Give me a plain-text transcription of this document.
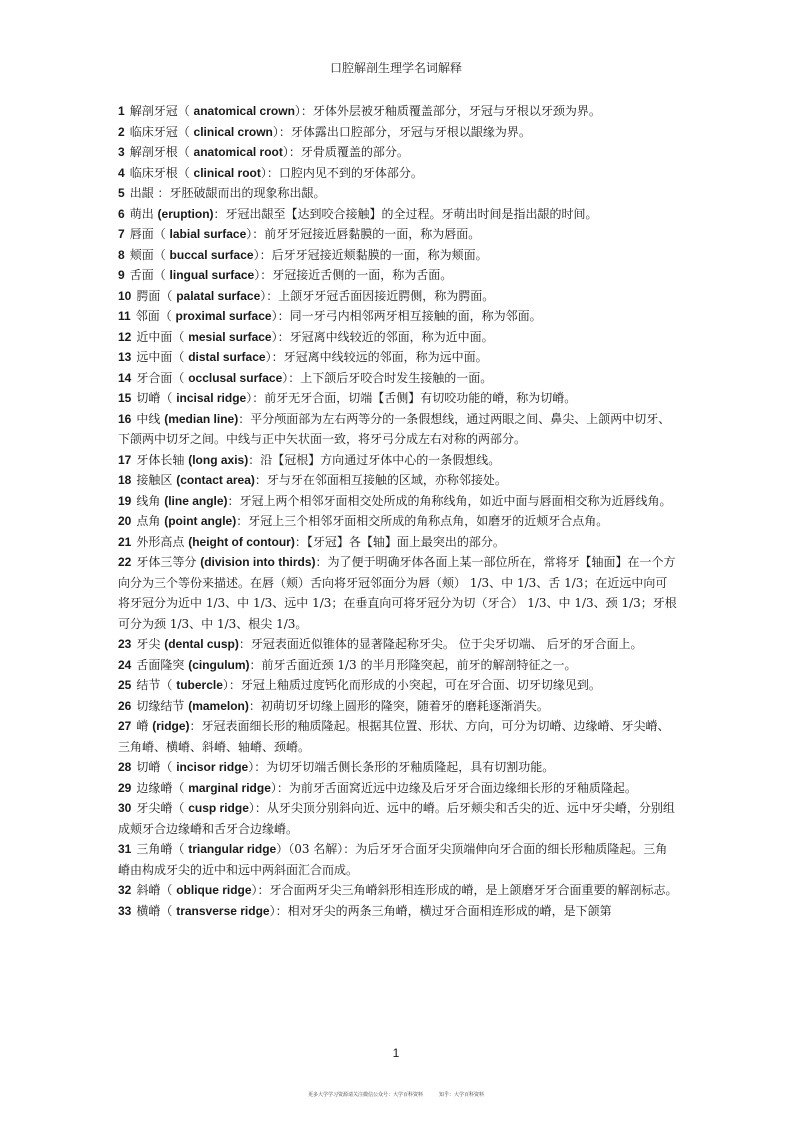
口腔解剖生理学名词解释

1 解剖牙冠（ anatomical crown）：牙体外层被牙釉质覆盖部分，牙冠与牙根以牙颈为界。

2 临床牙冠（ clinical crown）：牙体露出口腔部分，牙冠与牙根以龈缘为界。

3 解剖牙根（ anatomical root）：牙骨质覆盖的部分。

4 临床牙根（ clinical root）：口腔内见不到的牙体部分。

5 出龈 ：牙胚破龈而出的现象称出龈。

6 萌出 (eruption)：牙冠出龈至【达到咬合接触】的全过程。牙萌出时间是指出龈的时间。

7 唇面（ labial surface）：前牙牙冠接近唇黏膜的一面，称为唇面。

8 颊面（ buccal surface）：后牙牙冠接近颊黏膜的一面，称为颊面。

9 舌面（ lingual surface）：牙冠接近舌侧的一面，称为舌面。

10 腭面（ palatal surface）：上颌牙牙冠舌面因接近腭侧，称为腭面。

11 邻面（ proximal surface）：同一牙弓内相邻两牙相互接触的面，称为邻面。

12 近中面（ mesial surface）：牙冠离中线较近的邻面，称为近中面。

13 远中面（ distal surface）：牙冠离中线较远的邻面，称为远中面。

14 牙合面（ occlusal surface）：上下颌后牙咬合时发生接触的一面。

15 切嵴（ incisal ridge）：前牙无牙合面，切端【舌侧】有切咬功能的嵴，称为切嵴。

16 中线 (median line)：平分颅面部为左右两等分的一条假想线，通过两眼之间、鼻尖、上颌两中切牙、下颌两中切牙之间。中线与正中矢状面一致，将牙弓分成左右对称的两部分。

17 牙体长轴 (long axis)：沿【冠根】方向通过牙体中心的一条假想线。

18 接触区 (contact area)：牙与牙在邻面相互接触的区域，亦称邻接处。

19 线角 (line angle)：牙冠上两个相邻牙面相交处所成的角称线角，如近中面与唇面相交称为近唇线角。

20 点角 (point angle)：牙冠上三个相邻牙面相交所成的角称点角，如磨牙的近颊牙合点角。

21 外形高点 (height of contour)：【牙冠】各【轴】面上最突出的部分。

22 牙体三等分 (division into thirds)：为了便于明确牙体各面上某一部位所在，常将牙【轴面】在一个方向分为三个等份来描述。在唇（颊）舌向将牙冠邻面分为唇（颊） 1/3、中 1/3、舌 1/3；在近远中向可将牙冠分为近中 1/3、中 1/3、远中 1/3；在垂直向可将牙冠分为切（牙合） 1/3、中 1/3、颈 1/3；牙根可分为颈 1/3、中 1/3、根尖 1/3。

23 牙尖 (dental cusp)：牙冠表面近似锥体的显著隆起称牙尖。 位于尖牙切端、 后牙的牙合面上。

24 舌面隆突 (cingulum)：前牙舌面近颈 1/3 的半月形隆突起，前牙的解剖特征之一。

25 结节（ tubercle）：牙冠上釉质过度钙化而形成的小突起，可在牙合面、切牙切缘见到。

26 切缘结节 (mamelon)：初萌切牙切缘上圆形的隆突，随着牙的磨耗逐渐消失。

27 嵴 (ridge)：牙冠表面细长形的釉质隆起。根据其位置、形状、方向，可分为切嵴、边缘嵴、牙尖嵴、三角嵴、横嵴、斜嵴、轴嵴、颈嵴。

28 切嵴（ incisor ridge）：为切牙切端舌侧长条形的牙釉质隆起，具有切割功能。

29 边缘嵴（ marginal ridge）：为前牙舌面窝近远中边缘及后牙牙合面边缘细长形的牙釉质隆起。

30 牙尖嵴（ cusp ridge）：从牙尖顶分别斜向近、远中的嵴。后牙颊尖和舌尖的近、远中牙尖嵴，分别组成颊牙合边缘嵴和舌牙合边缘嵴。

31 三角嵴（ triangular ridge）（03 名解）：为后牙牙合面牙尖顶端伸向牙合面的细长形釉质隆起。三角嵴由构成牙尖的近中和远中两斜面汇合而成。

32 斜嵴（ oblique ridge）：牙合面两牙尖三角嵴斜形相连形成的嵴，是上颌磨牙牙合面重要的解剖标志。

33 横嵴（ transverse ridge）：相对牙尖的两条三角嵴，横过牙合面相连形成的嵴，是下颌第

1
更多大学学习资源请关注微信公众号：大学百科资料	知乎：大学百科资料
